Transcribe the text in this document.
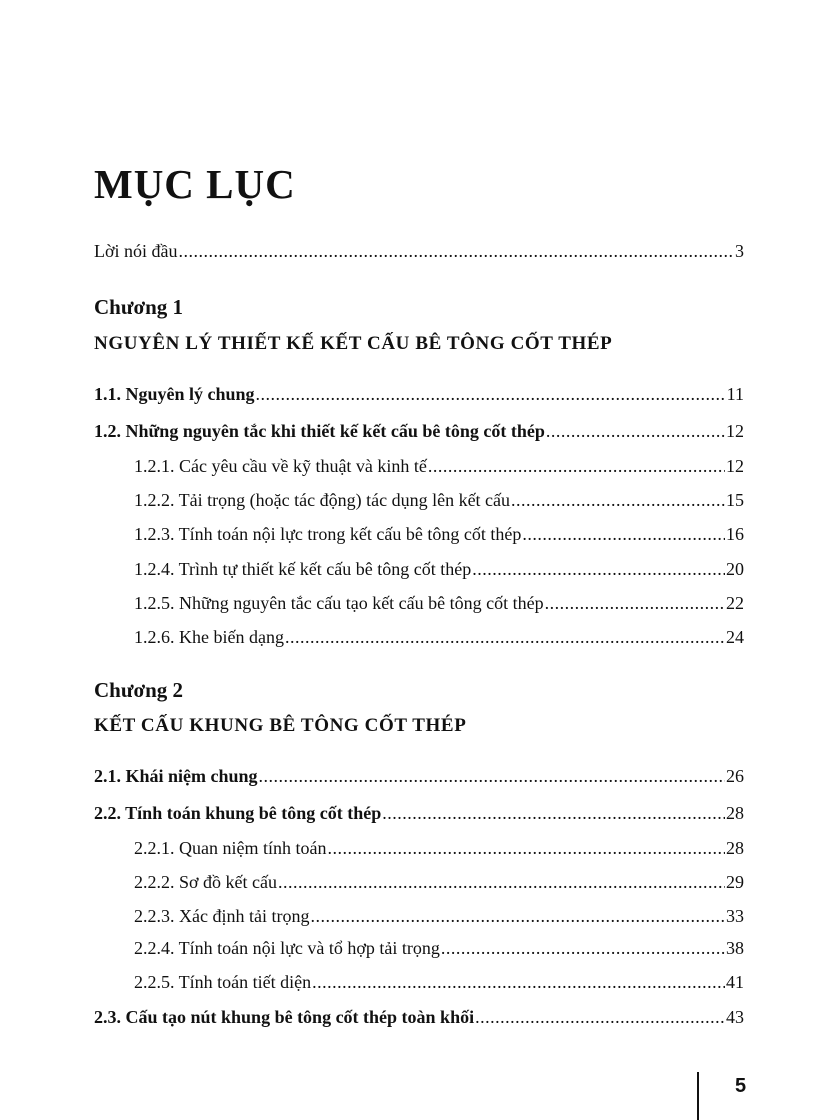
MỤC LỤC
Lời nói đầu .....	3
Chương 1
NGUYÊN LÝ THIẾT KẾ KẾT CẤU BÊ TÔNG CỐT THÉP
1.1. Nguyên lý chung .....	11
1.2. Những nguyên tắc khi thiết kế kết cấu bê tông cốt thép .....	12
1.2.1. Các yêu cầu về kỹ thuật và kinh tế .....	12
1.2.2. Tải trọng (hoặc tác động) tác dụng lên kết cấu .....	15
1.2.3. Tính toán nội lực trong kết cấu bê tông cốt thép .....	16
1.2.4. Trình tự thiết kế kết cấu bê tông cốt thép .....	20
1.2.5. Những nguyên tắc cấu tạo kết cấu bê tông cốt thép .....	22
1.2.6. Khe biến dạng .....	24
Chương 2
KẾT CẤU KHUNG BÊ TÔNG CỐT THÉP
2.1. Khái niệm chung .....	26
2.2. Tính toán khung bê tông cốt thép .....	28
2.2.1. Quan niệm tính toán .....	28
2.2.2. Sơ đồ kết cấu .....	29
2.2.3. Xác định tải trọng .....	33
2.2.4. Tính toán nội lực và tổ hợp tải trọng .....	38
2.2.5. Tính toán tiết diện .....	41
2.3. Cấu tạo nút khung bê tông cốt thép toàn khối .....	43
5
